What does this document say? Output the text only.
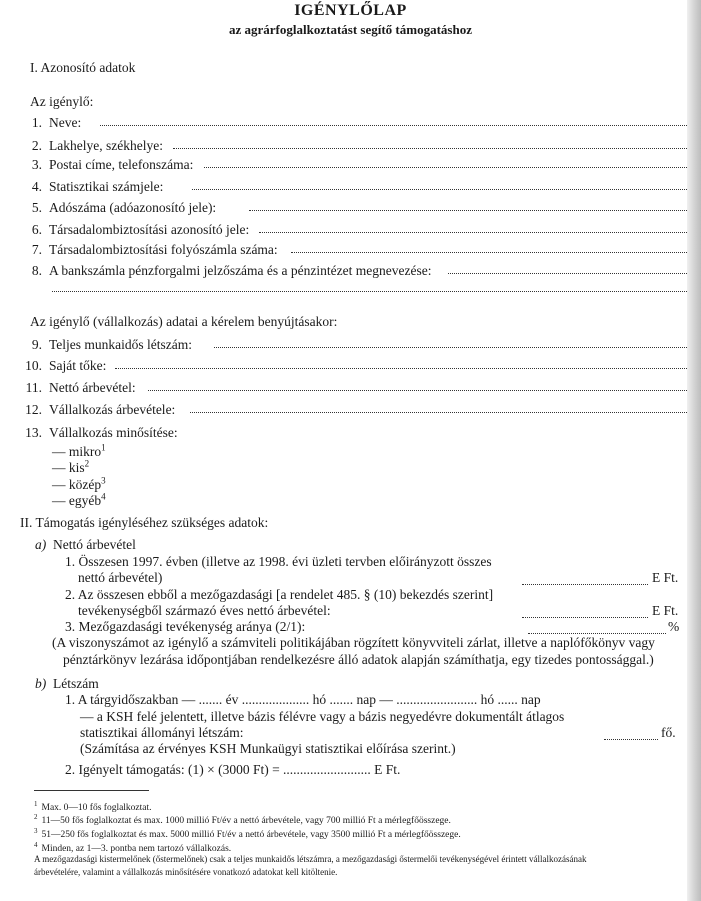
IGÉNYLŐLAP
az agrárfoglalkoztatást segítő támogatáshoz
I. Azonosító adatok
Az igénylő:
1. Neve:
2. Lakhelye, székhelye:
3. Postai címe, telefonszáma:
4. Statisztikai számjele:
5. Adószáma (adóazonosító jele):
6. Társadalombiztosítási azonosító jele:
7. Társadalombiztosítási folyószámla száma:
8. A bankszámla pénzforgalmi jelzőszáma és a pénzintézet megnevezése:
Az igénylő (vállalkozás) adatai a kérelem benyújtásakor:
9. Teljes munkaidős létszám:
10. Saját tőke:
11. Nettó árbevétel:
12. Vállalkozás árbevétele:
13. Vállalkozás minősítése:
— mikro$^1$
— kis$^2$
— közép$^3$
— egyéb$^4$
II. Támogatás igényléséhez szükséges adatok:
a) Nettó árbevétel
1. Összesen 1997. évben (illetve az 1998. évi üzleti tervben előirányzott összes
nettó árbevétel)	E Ft.
2. Az összesen ebből a mezőgazdasági [a rendelet 485. § (10) bekezdés szerint]
tevékenységből származó éves nettó árbevétel:	E Ft.
3. Mezőgazdasági tevékenység aránya (2/1):	%
(A viszonyszámot az igénylő a számviteli politikájában rögzített könyvviteli zárlat, illetve a naplófőkönyv vagy
pénztárkönyv lezárása időpontjában rendelkezésre álló adatok alapján számíthatja, egy tizedes pontossággal.)
b) Létszám
1. A tárgyidőszakban — ....... év .................... hó ....... nap — ........................ hó ...... nap
— a KSH felé jelentett, illetve bázis félévre vagy a bázis negyedévre dokumentált átlagos
statisztikai állományi létszám:	fő.
(Számítása az érvényes KSH Munkaügyi statisztikai előírása szerint.)
2. Igényelt támogatás: (1) × (3000 Ft) = .......................... E Ft.
$^1$ Max. 0—10 fős foglalkoztat.
$^2$ 11—50 fős foglalkoztat és max. 1000 millió Ft/év a nettó árbevétele, vagy 700 millió Ft a mérlegfőösszege.
$^3$ 51—250 fős foglalkoztat és max. 5000 millió Ft/év a nettó árbevétele, vagy 3500 millió Ft a mérlegfőösszege.
$^4$ Minden, az 1—3. pontba nem tartozó vállalkozás.
A mezőgazdasági kistermelőnek (őstermelőnek) csak a teljes munkaidős létszámra, a mezőgazdasági őstermelői tevékenységével érintett vállalkozásának
árbevételére, valamint a vállalkozás minősítésére vonatkozó adatokat kell kitöltenie.
